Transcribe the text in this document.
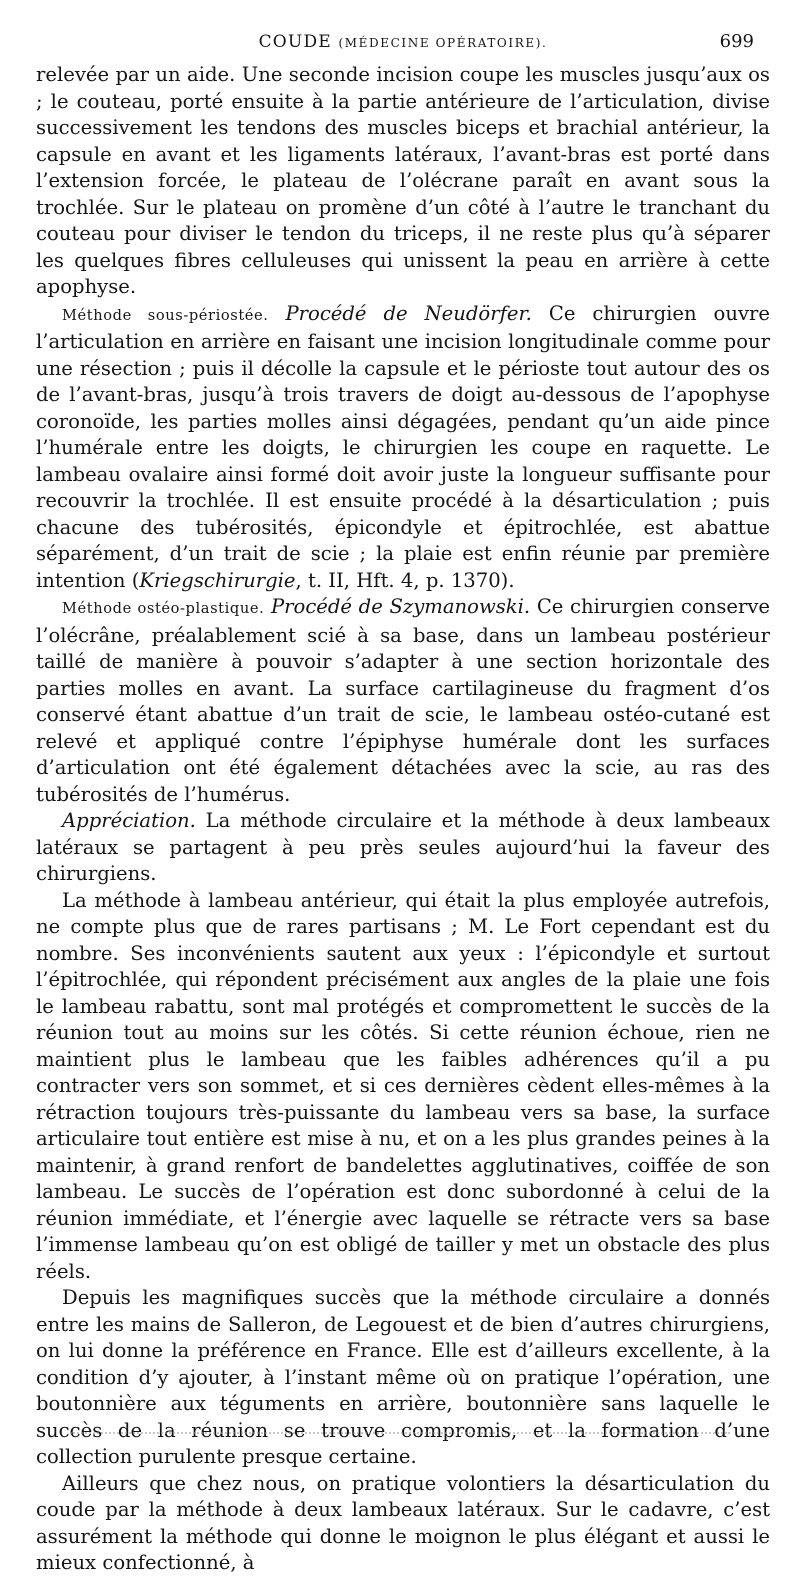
COUDE (MÉDECINE OPÉRATOIRE).	699

relevée par un aide. Une seconde incision coupe les muscles jusqu’aux os ; le couteau, porté ensuite à la partie antérieure de l’articulation, divise successivement les tendons des muscles biceps et brachial antérieur, la capsule en avant et les ligaments latéraux, l’avant-bras est porté dans l’extension forcée, le plateau de l’olécrane paraît en avant sous la trochlée. Sur le plateau on promène d’un côté à l’autre le tranchant du couteau pour diviser le tendon du triceps, il ne reste plus qu’à séparer les quelques fibres celluleuses qui unissent la peau en arrière à cette apophyse.

Méthode sous-périostée. Procédé de Neudörfer. Ce chirurgien ouvre l’articulation en arrière en faisant une incision longitudinale comme pour une résection ; puis il décolle la capsule et le périoste tout autour des os de l’avant-bras, jusqu’à trois travers de doigt au-dessous de l’apophyse coronoïde, les parties molles ainsi dégagées, pendant qu’un aide pince l’humérale entre les doigts, le chirurgien les coupe en raquette. Le lambeau ovalaire ainsi formé doit avoir juste la longueur suffisante pour recouvrir la trochlée. Il est ensuite procédé à la désarticulation ; puis chacune des tubérosités, épicondyle et épitrochlée, est abattue séparément, d’un trait de scie ; la plaie est enfin réunie par première intention (Kriegschirurgie, t. II, Hft. 4, p. 1370).

Méthode ostéo-plastique. Procédé de Szymanowski. Ce chirurgien conserve l’olécrâne, préalablement scié à sa base, dans un lambeau postérieur taillé de manière à pouvoir s’adapter à une section horizontale des parties molles en avant. La surface cartilagineuse du fragment d’os conservé étant abattue d’un trait de scie, le lambeau ostéo-cutané est relevé et appliqué contre l’épiphyse humérale dont les surfaces d’articulation ont été également détachées avec la scie, au ras des tubérosités de l’humérus.

Appréciation. La méthode circulaire et la méthode à deux lambeaux latéraux se partagent à peu près seules aujourd’hui la faveur des chirurgiens.

La méthode à lambeau antérieur, qui était la plus employée autrefois, ne compte plus que de rares partisans ; M. Le Fort cependant est du nombre. Ses inconvénients sautent aux yeux : l’épicondyle et surtout l’épitrochlée, qui répondent précisément aux angles de la plaie une fois le lambeau rabattu, sont mal protégés et compromettent le succès de la réunion tout au moins sur les côtés. Si cette réunion échoue, rien ne maintient plus le lambeau que les faibles adhérences qu’il a pu contracter vers son sommet, et si ces dernières cèdent elles-mêmes à la rétraction toujours très-puissante du lambeau vers sa base, la surface articulaire tout entière est mise à nu, et on a les plus grandes peines à la maintenir, à grand renfort de bandelettes agglutinatives, coiffée de son lambeau. Le succès de l’opération est donc subordonné à celui de la réunion immédiate, et l’énergie avec laquelle se rétracte vers sa base l’immense lambeau qu’on est obligé de tailler y met un obstacle des plus réels.

Depuis les magnifiques succès que la méthode circulaire a donnés entre les mains de Salleron, de Legouest et de bien d’autres chirurgiens, on lui donne la préférence en France. Elle est d’ailleurs excellente, à la condition d’y ajouter, à l’instant même où on pratique l’opération, une boutonnière aux téguments en arrière, boutonnière sans laquelle le succès de la réunion se trouve compromis, et la formation d’une collection purulente presque certaine.

Ailleurs que chez nous, on pratique volontiers la désarticulation du coude par la méthode à deux lambeaux latéraux. Sur le cadavre, c’est assurément la méthode qui donne le moignon le plus élégant et aussi le mieux confectionné, à
